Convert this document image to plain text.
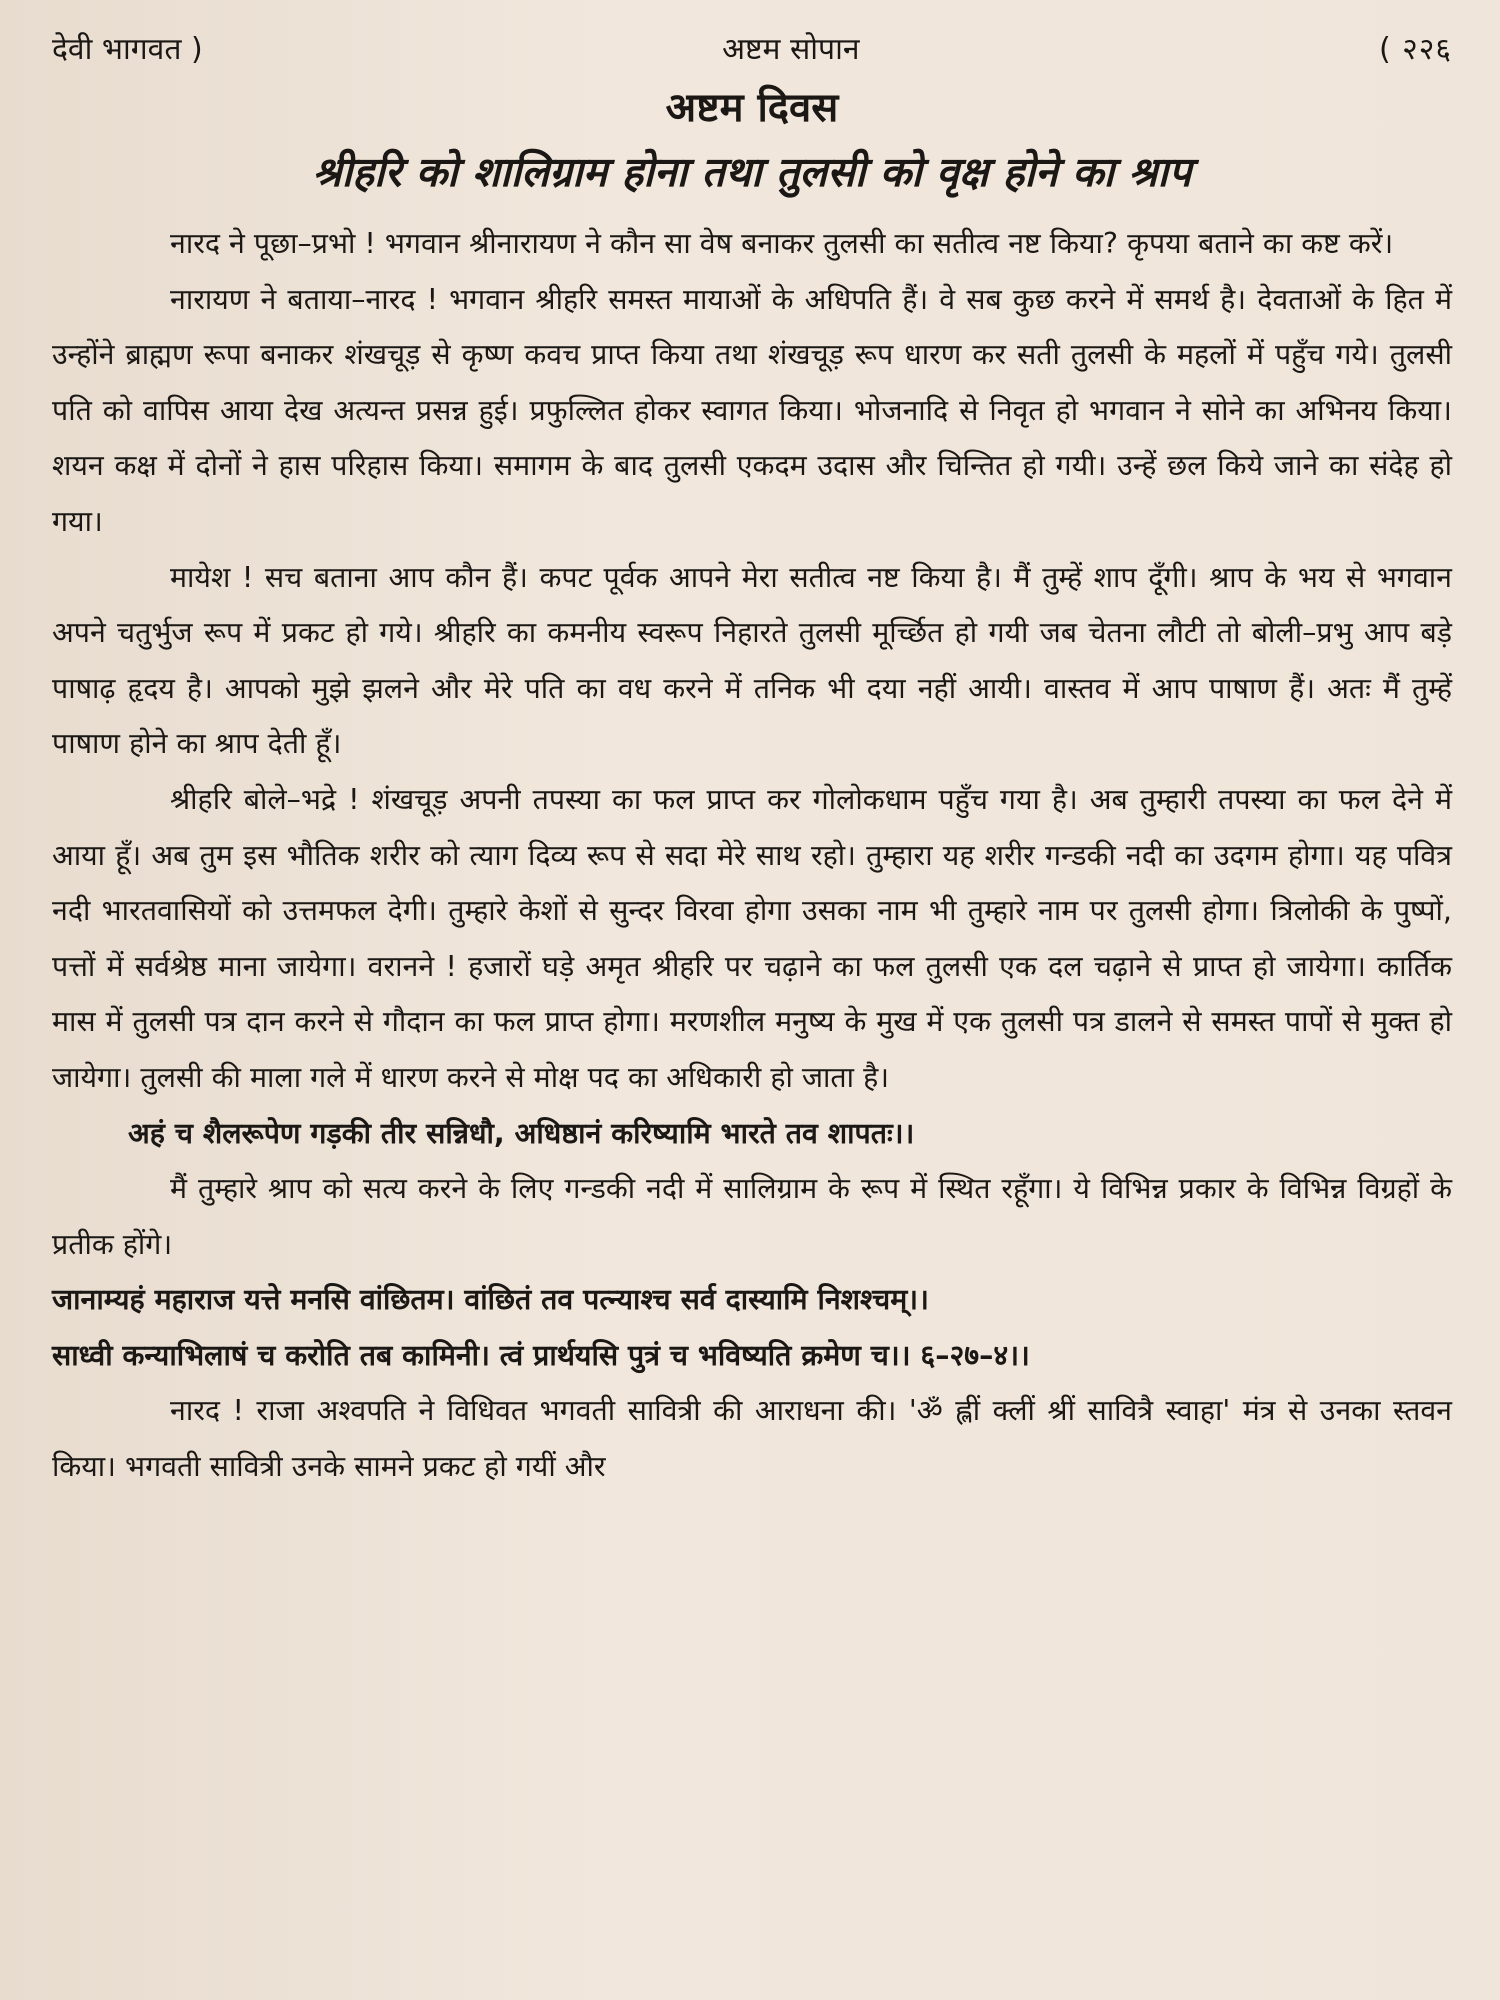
देवी भागवत )	अष्टम सोपान	( २२६
अष्टम दिवस
श्रीहरि को शालिग्राम होना तथा तुलसी को वृक्ष होने का श्राप

नारद ने पूछा–प्रभो ! भगवान श्रीनारायण ने कौन सा वेष बनाकर तुलसी का सतीत्व नष्ट किया? कृपया बताने का कष्ट करें।

नारायण ने बताया–नारद ! भगवान श्रीहरि समस्त मायाओं के अधिपति हैं। वे सब कुछ करने में समर्थ है। देवताओं के हित में उन्होंने ब्राह्मण रूपा बनाकर शंखचूड़ से कृष्ण कवच प्राप्त किया तथा शंखचूड़ रूप धारण कर सती तुलसी के महलों में पहुँच गये। तुलसी पति को वापिस आया देख अत्यन्त प्रसन्न हुई। प्रफुल्लित होकर स्वागत किया। भोजनादि से निवृत हो भगवान ने सोने का अभिनय किया। शयन कक्ष में दोनों ने हास परिहास किया। समागम के बाद तुलसी एकदम उदास और चिन्तित हो गयी। उन्हें छल किये जाने का संदेह हो गया।

मायेश ! सच बताना आप कौन हैं। कपट पूर्वक आपने मेरा सतीत्व नष्ट किया है। मैं तुम्हें शाप दूँगी। श्राप के भय से भगवान अपने चतुर्भुज रूप में प्रकट हो गये। श्रीहरि का कमनीय स्वरूप निहारते तुलसी मूर्च्छित हो गयी जब चेतना लौटी तो बोली–प्रभु आप बड़े पाषाढ़ हृदय है। आपको मुझे झलने और मेरे पति का वध करने में तनिक भी दया नहीं आयी। वास्तव में आप पाषाण हैं। अतः मैं तुम्हें पाषाण होने का श्राप देती हूँ।

श्रीहरि बोले–भद्रे ! शंखचूड़ अपनी तपस्या का फल प्राप्त कर गोलोकधाम पहुँच गया है। अब तुम्हारी तपस्या का फल देने में आया हूँ। अब तुम इस भौतिक शरीर को त्याग दिव्य रूप से सदा मेरे साथ रहो। तुम्हारा यह शरीर गन्डकी नदी का उदगम होगा। यह पवित्र नदी भारतवासियों को उत्तमफल देगी। तुम्हारे केशों से सुन्दर विरवा होगा उसका नाम भी तुम्हारे नाम पर तुलसी होगा। त्रिलोकी के पुष्पों, पत्तों में सर्वश्रेष्ठ माना जायेगा। वरानने ! हजारों घड़े अमृत श्रीहरि पर चढ़ाने का फल तुलसी एक दल चढ़ाने से प्राप्त हो जायेगा। कार्तिक मास में तुलसी पत्र दान करने से गौदान का फल प्राप्त होगा। मरणशील मनुष्य के मुख में एक तुलसी पत्र डालने से समस्त पापों से मुक्त हो जायेगा। तुलसी की माला गले में धारण करने से मोक्ष पद का अधिकारी हो जाता है।

अहं च शैलरूपेण गड़की तीर सन्निधौ, अधिष्ठानं करिष्यामि भारते तव शापतः।।

मैं तुम्हारे श्राप को सत्य करने के लिए गन्डकी नदी में सालिग्राम के रूप में स्थित रहूँगा। ये विभिन्न प्रकार के विभिन्न विग्रहों के प्रतीक होंगे।

जानाम्यहं महाराज यत्ते मनसि वांछितम। वांछितं तव पत्न्याश्च सर्व दास्यामि निशश्चम्।।

साध्वी कन्याभिलाषं च करोति तब कामिनी। त्वं प्रार्थयसि पुत्रं च भविष्यति क्रमेण च।। ६–२७–४।।

नारद ! राजा अश्वपति ने विधिवत भगवती सावित्री की आराधना की। 'ॐ ह्लीं क्लीं श्रीं सावित्रै स्वाहा' मंत्र से उनका स्तवन किया। भगवती सावित्री उनके सामने प्रकट हो गयीं और
